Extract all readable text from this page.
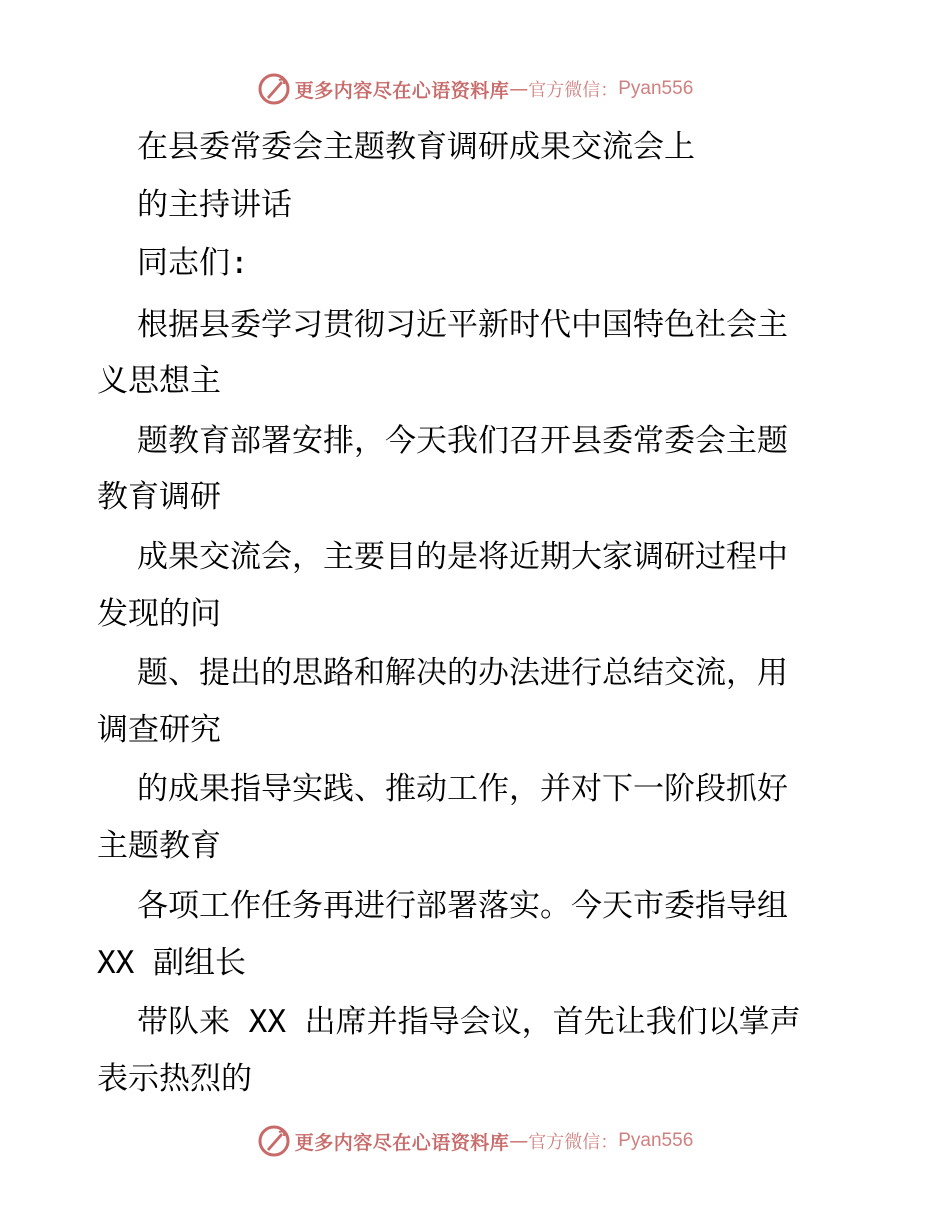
更多内容尽在心语资料库 — 官方微信： Pyan556
在县委常委会主题教育调研成果交流会上
的主持讲话
同志们:
根据县委学习贯彻习近平新时代中国特色社会主
义思想主
题教育部署安排，今天我们召开县委常委会主题
教育调研
成果交流会，主要目的是将近期大家调研过程中
发现的问
题、提出的思路和解决的办法进行总结交流，用
调查研究
的成果指导实践、推动工作，并对下一阶段抓好
主题教育
各项工作任务再进行部署落实。今天市委指导组
XX 副组长
带队来 XX 出席并指导会议，首先让我们以掌声
表示热烈的
更多内容尽在心语资料库 — 官方微信： Pyan556
